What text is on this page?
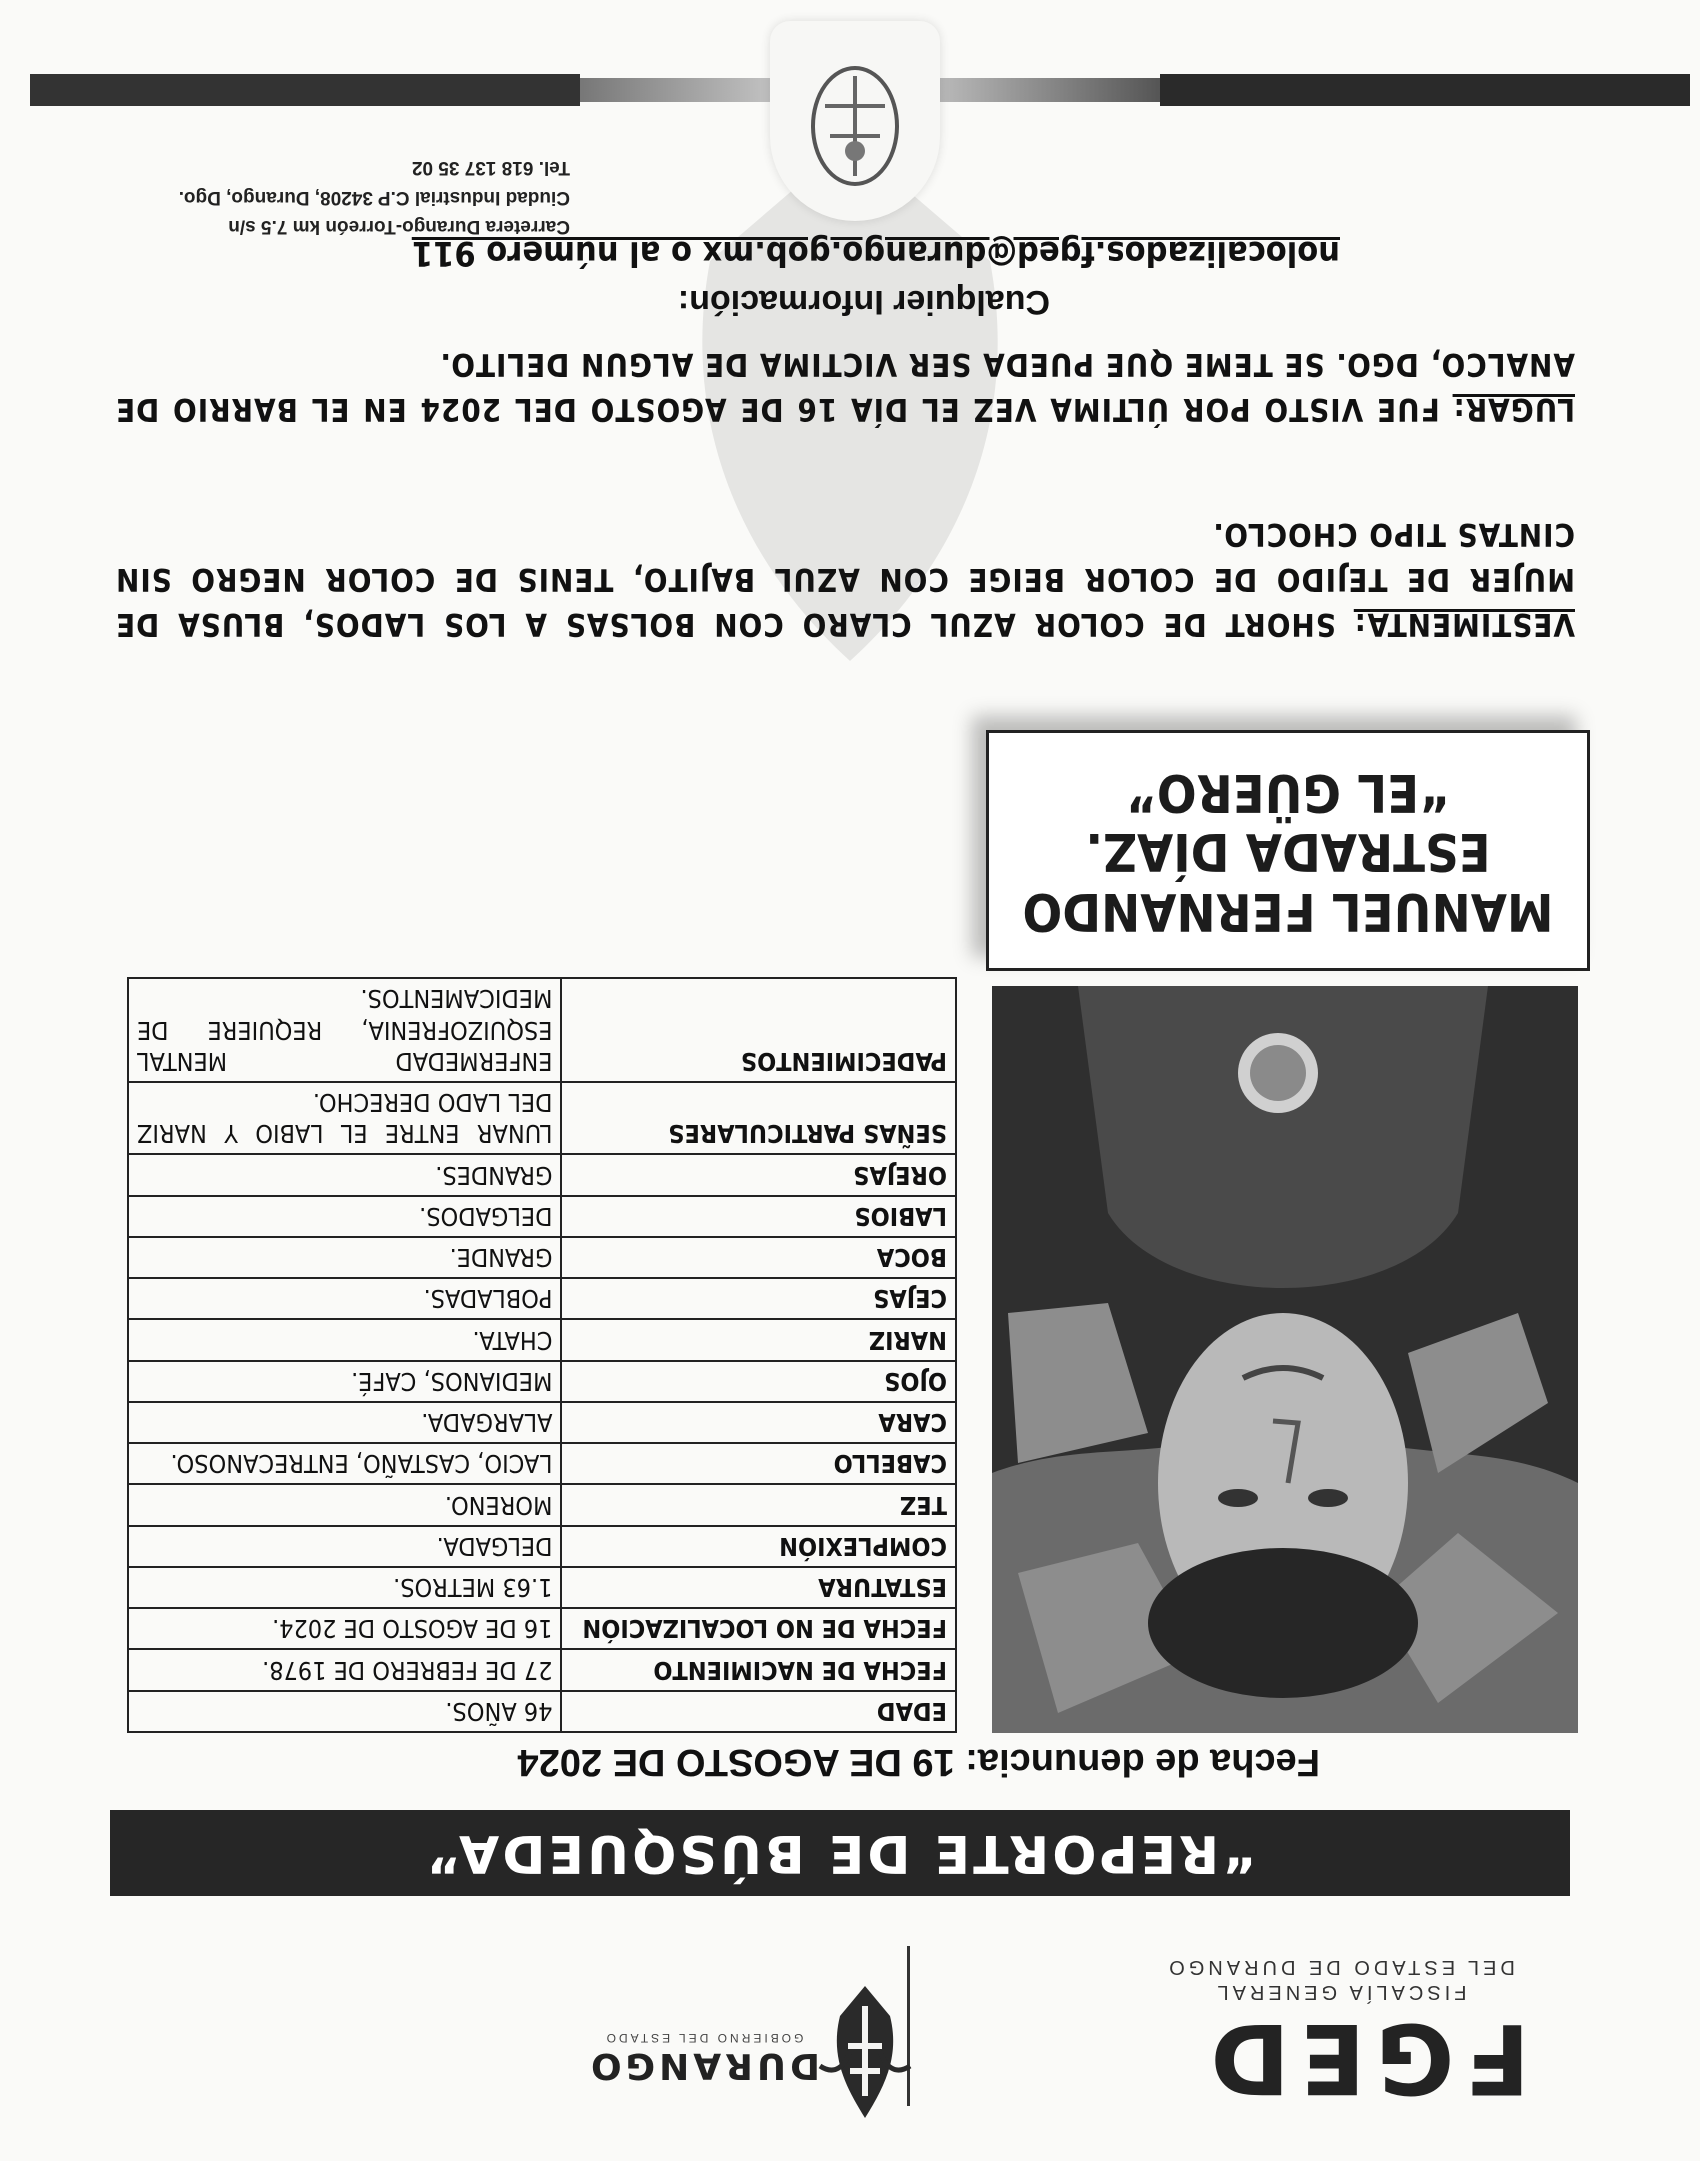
FGED
FISCALÍA GENERAL
DEL ESTADO DE DURANGO
DURANGO
GOBIERNO DEL ESTADO
“REPORTE DE BÚSQUEDA”
Fecha de denuncia: 19 DE AGOSTO DE 2024
EDAD	46 AÑOS.
FECHA DE NACIMIENTO	27 DE FEBRERO DE 1978.
FECHA DE NO LOCALIZACIÓN	16 DE AGOSTO DE 2024.
ESTATURA	1.63 METROS.
COMPLEXIÓN	DELGADA.
TEZ	MORENO.
CABELLO	LACIO, CASTAÑO, ENTRECANOSO.
CARA	ALARGADA.
OJOS	MEDIANOS, CAFÉ.
NARIZ	CHATA.
CEJAS	POBLADAS.
BOCA	GRANDE.
LABIOS	DELGADOS.
OREJAS	GRANDES.
SEÑAS PARTICULARES	LUNAR ENTRE EL LABIO Y NARIZ DEL LADO DERECHO.
PADECIMIENTOS	ENFERMEDAD MENTAL ESQUIZOFRENIA, REQUIERE DE MEDICAMENTOS.
MANUEL FERNANDO
ESTRADA DÍAZ.
“EL GÜERO”
VESTIMENTA: SHORT DE COLOR AZUL CLARO CON BOLSAS A LOS LADOS, BLUSA DE MUJER DE TEJIDO DE COLOR BEIGE CON AZUL BAJITO, TENIS DE COLOR NEGRO SIN CINTAS TIPO CHOCLO.
LUGAR: FUE VISTO POR ÚLTIMA VEZ EL DÍA 16 DE AGOSTO DEL 2024 EN EL BARRIO DE ANALCO, DGO. SE TEME QUE PUEDA SER VICTIMA DE ALGUN DELITO.
Cualquier Información:
nolocalizados.fged@durango.gob.mx o al número 911
Carretera Durango-Torreón km 7.5 s/n
Ciudad Industrial C.P 34208, Durango, Dgo.
Tel. 618 137 35 02
